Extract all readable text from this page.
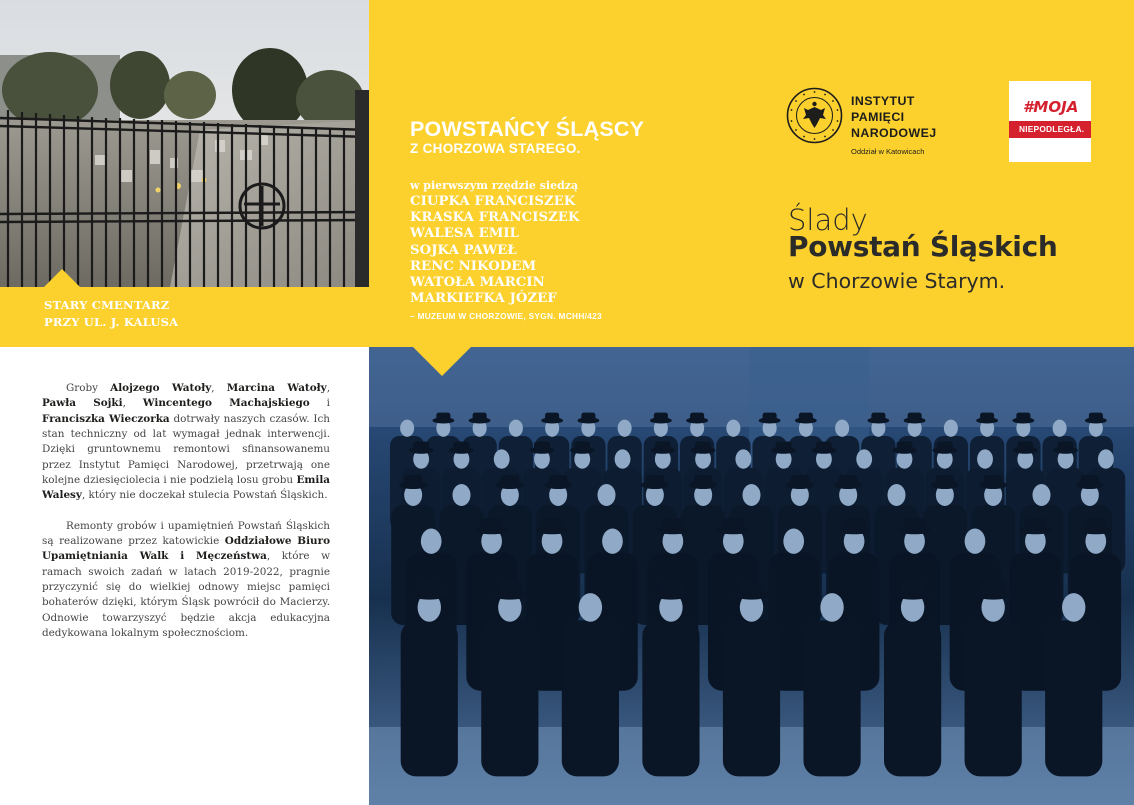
STARY CMENTARZ
PRZY UL. J. KALUSA
POWSTAŃCY ŚLĄSCY
Z CHORZOWA STAREGO.
w pierwszym rzędzie siedzą
CIUPKA FRANCISZEK
KRASKA FRANCISZEK
WALESA EMIL
SOJKA PAWEŁ
RENC NIKODEM
WATOŁA MARCIN
MARKIEFKA JÓZEF
– MUZEUM W CHORZOWIE, SYGN. MCHH/423
INSTYTUT
PAMIĘCI
NARODOWEJ
Oddział w Katowicach
#MOJA
NIEPODLEGŁA.
Ślady
Powstań Śląskich
w Chorzowie Starym.

Groby Alojzego Watoły, Marcina Watoły, Pawła Sojki, Wincentego Machajskiego i Franciszka Wieczorka dotrwały naszych czasów. Ich stan techniczny od lat wymagał jednak interwencji. Dzięki gruntownemu remontowi sfinansowanemu przez Instytut Pamięci Narodowej, przetrwają one kolejne dziesięciolecia i nie podzielą losu grobu Emila Walesy, który nie doczekał stulecia Powstań Śląskich.

Remonty grobów i upamiętnień Powstań Śląskich są realizowane przez katowickie Oddziałowe Biuro Upamiętniania Walk i Męczeństwa, które w ramach swoich zadań w latach 2019-2022, pragnie przyczynić się do wielkiej odnowy miejsc pamięci bohaterów dzięki, którym Śląsk powrócił do Macierzy. Odnowie towarzyszyć będzie akcja edukacyjna dedykowana lokalnym społecznościom.
